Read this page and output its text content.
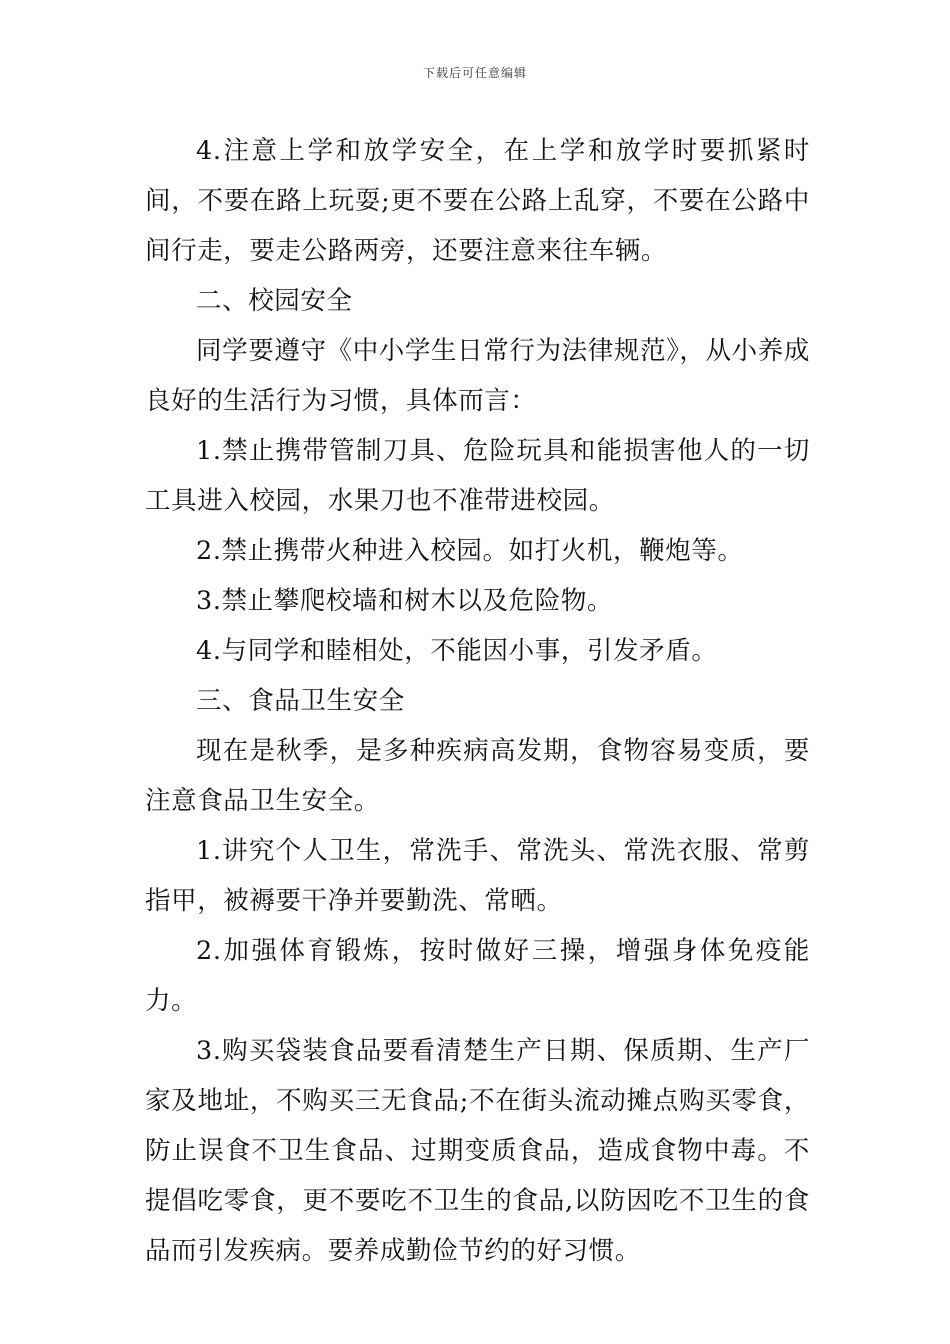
下载后可任意编辑

4.注意上学和放学安全，在上学和放学时要抓紧时间，不要在路上玩耍;更不要在公路上乱穿，不要在公路中间行走，要走公路两旁，还要注意来往车辆。

二、校园安全

同学要遵守《中小学生日常行为法律规范》，从小养成良好的生活行为习惯，具体而言：

1.禁止携带管制刀具、危险玩具和能损害他人的一切工具进入校园，水果刀也不准带进校园。

2.禁止携带火种进入校园。如打火机，鞭炮等。

3.禁止攀爬校墙和树木以及危险物。

4.与同学和睦相处，不能因小事，引发矛盾。

三、食品卫生安全

现在是秋季，是多种疾病高发期，食物容易变质，要注意食品卫生安全。

1.讲究个人卫生，常洗手、常洗头、常洗衣服、常剪指甲，被褥要干净并要勤洗、常晒。

2.加强体育锻炼，按时做好三操，增强身体免疫能力。

3.购买袋装食品要看清楚生产日期、保质期、生产厂家及地址，不购买三无食品;不在街头流动摊点购买零食，防止误食不卫生食品、过期变质食品，造成食物中毒。不提倡吃零食，更不要吃不卫生的食品,以防因吃不卫生的食品而引发疾病。要养成勤俭节约的好习惯。
